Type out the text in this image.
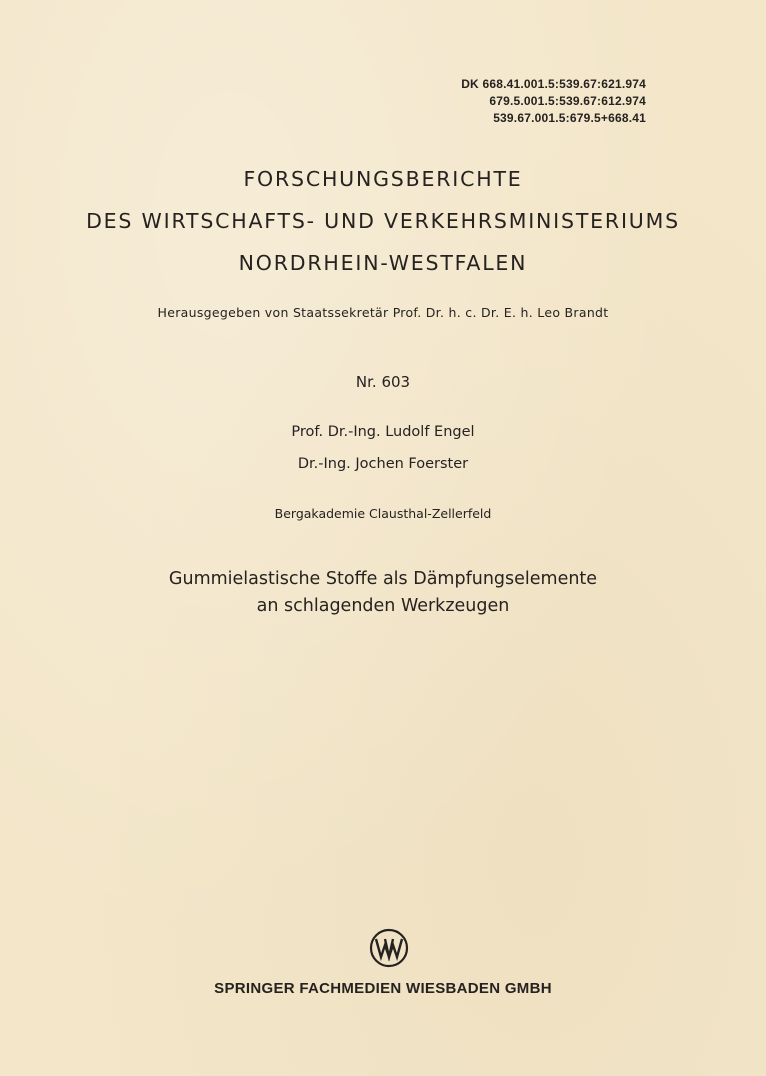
DK 668.41.001.5:539.67:621.974
679.5.001.5:539.67:612.974
539.67.001.5:679.5+668.41
FORSCHUNGSBERICHTE
DES WIRTSCHAFTS- UND VERKEHRSMINISTERIUMS
NORDRHEIN-WESTFALEN
Herausgegeben von Staatssekretär Prof. Dr. h. c. Dr. E. h. Leo Brandt
Nr. 603
Prof. Dr.-Ing. Ludolf Engel
Dr.-Ing. Jochen Foerster
Bergakademie Clausthal-Zellerfeld
Gummielastische Stoffe als Dämpfungselemente
an schlagenden Werkzeugen
SPRINGER FACHMEDIEN WIESBADEN GMBH
